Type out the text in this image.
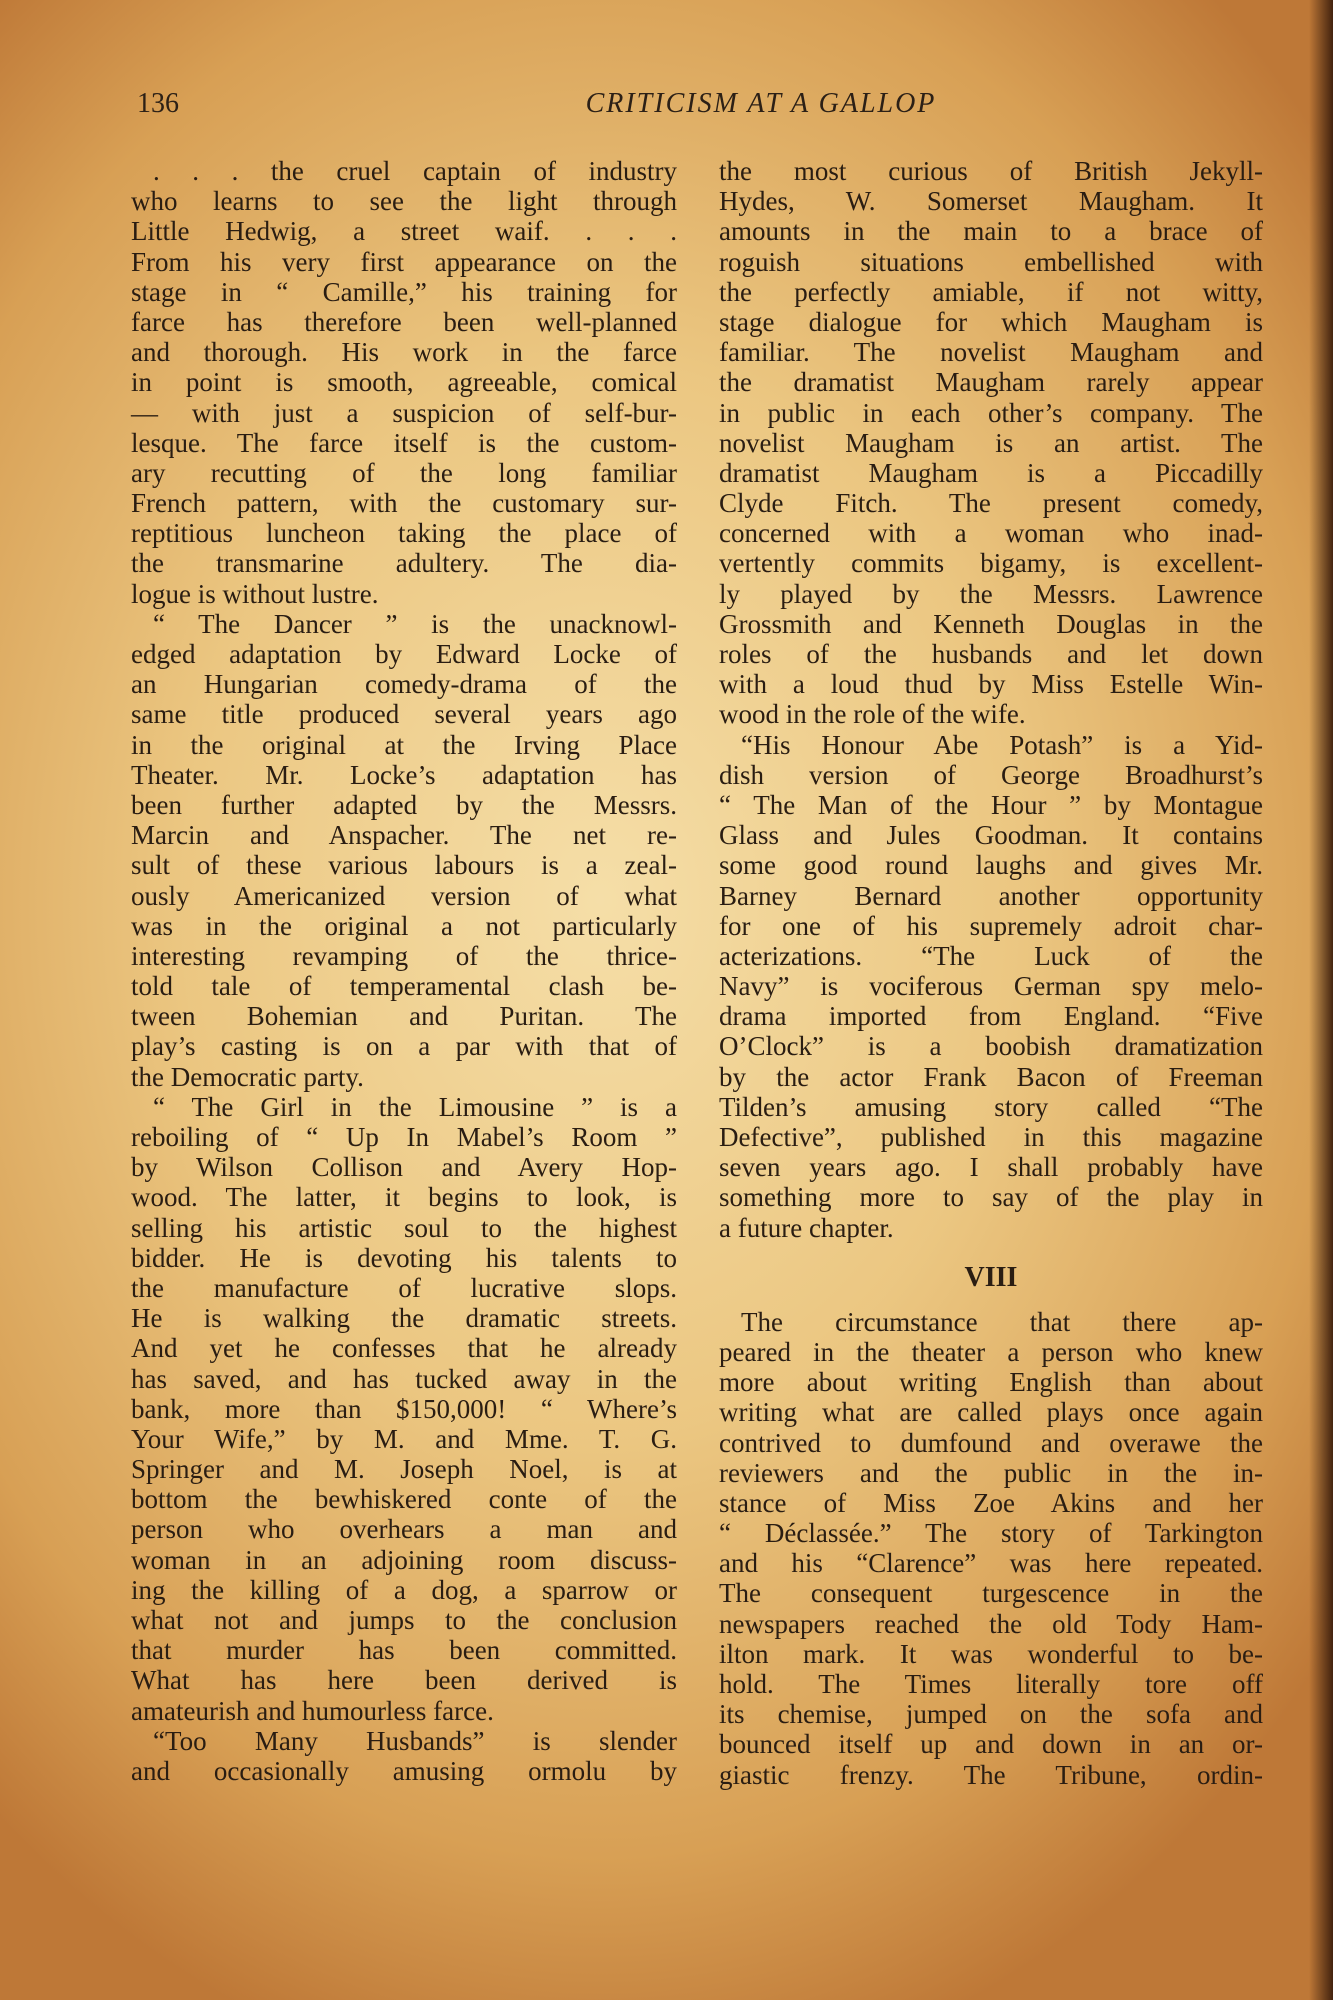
136	CRITICISM AT A GALLOP
. . . the cruel captain of industry
who learns to see the light through
Little Hedwig, a street waif. . . .
From his very first appearance on the
stage in “ Camille,” his training for
farce has therefore been well-planned
and thorough. His work in the farce
in point is smooth, agreeable, comical
— with just a suspicion of self-bur-
lesque. The farce itself is the custom-
ary recutting of the long familiar
French pattern, with the customary sur-
reptitious luncheon taking the place of
the transmarine adultery. The dia-
logue is without lustre.
“ The Dancer ” is the unacknowl-
edged adaptation by Edward Locke of
an Hungarian comedy-drama of the
same title produced several years ago
in the original at the Irving Place
Theater. Mr. Locke’s adaptation has
been further adapted by the Messrs.
Marcin and Anspacher. The net re-
sult of these various labours is a zeal-
ously Americanized version of what
was in the original a not particularly
interesting revamping of the thrice-
told tale of temperamental clash be-
tween Bohemian and Puritan. The
play’s casting is on a par with that of
the Democratic party.
“ The Girl in the Limousine ” is a
reboiling of “ Up In Mabel’s Room ”
by Wilson Collison and Avery Hop-
wood. The latter, it begins to look, is
selling his artistic soul to the highest
bidder. He is devoting his talents to
the manufacture of lucrative slops.
He is walking the dramatic streets.
And yet he confesses that he already
has saved, and has tucked away in the
bank, more than $150,000! “ Where’s
Your Wife,” by M. and Mme. T. G.
Springer and M. Joseph Noel, is at
bottom the bewhiskered conte of the
person who overhears a man and
woman in an adjoining room discuss-
ing the killing of a dog, a sparrow or
what not and jumps to the conclusion
that murder has been committed.
What has here been derived is
amateurish and humourless farce.
“Too Many Husbands” is slender
and occasionally amusing ormolu by
the most curious of British Jekyll-
Hydes, W. Somerset Maugham. It
amounts in the main to a brace of
roguish situations embellished with
the perfectly amiable, if not witty,
stage dialogue for which Maugham is
familiar. The novelist Maugham and
the dramatist Maugham rarely appear
in public in each other’s company. The
novelist Maugham is an artist. The
dramatist Maugham is a Piccadilly
Clyde Fitch. The present comedy,
concerned with a woman who inad-
vertently commits bigamy, is excellent-
ly played by the Messrs. Lawrence
Grossmith and Kenneth Douglas in the
roles of the husbands and let down
with a loud thud by Miss Estelle Win-
wood in the role of the wife.
“His Honour Abe Potash” is a Yid-
dish version of George Broadhurst’s
“ The Man of the Hour ” by Montague
Glass and Jules Goodman. It contains
some good round laughs and gives Mr.
Barney Bernard another opportunity
for one of his supremely adroit char-
acterizations. “The Luck of the
Navy” is vociferous German spy melo-
drama imported from England. “Five
O’Clock” is a boobish dramatization
by the actor Frank Bacon of Freeman
Tilden’s amusing story called “The
Defective”, published in this magazine
seven years ago. I shall probably have
something more to say of the play in
a future chapter.
VIII
The circumstance that there ap-
peared in the theater a person who knew
more about writing English than about
writing what are called plays once again
contrived to dumfound and overawe the
reviewers and the public in the in-
stance of Miss Zoe Akins and her
“ Déclassée.” The story of Tarkington
and his “Clarence” was here repeated.
The consequent turgescence in the
newspapers reached the old Tody Ham-
ilton mark. It was wonderful to be-
hold. The Times literally tore off
its chemise, jumped on the sofa and
bounced itself up and down in an or-
giastic frenzy. The Tribune, ordin-
